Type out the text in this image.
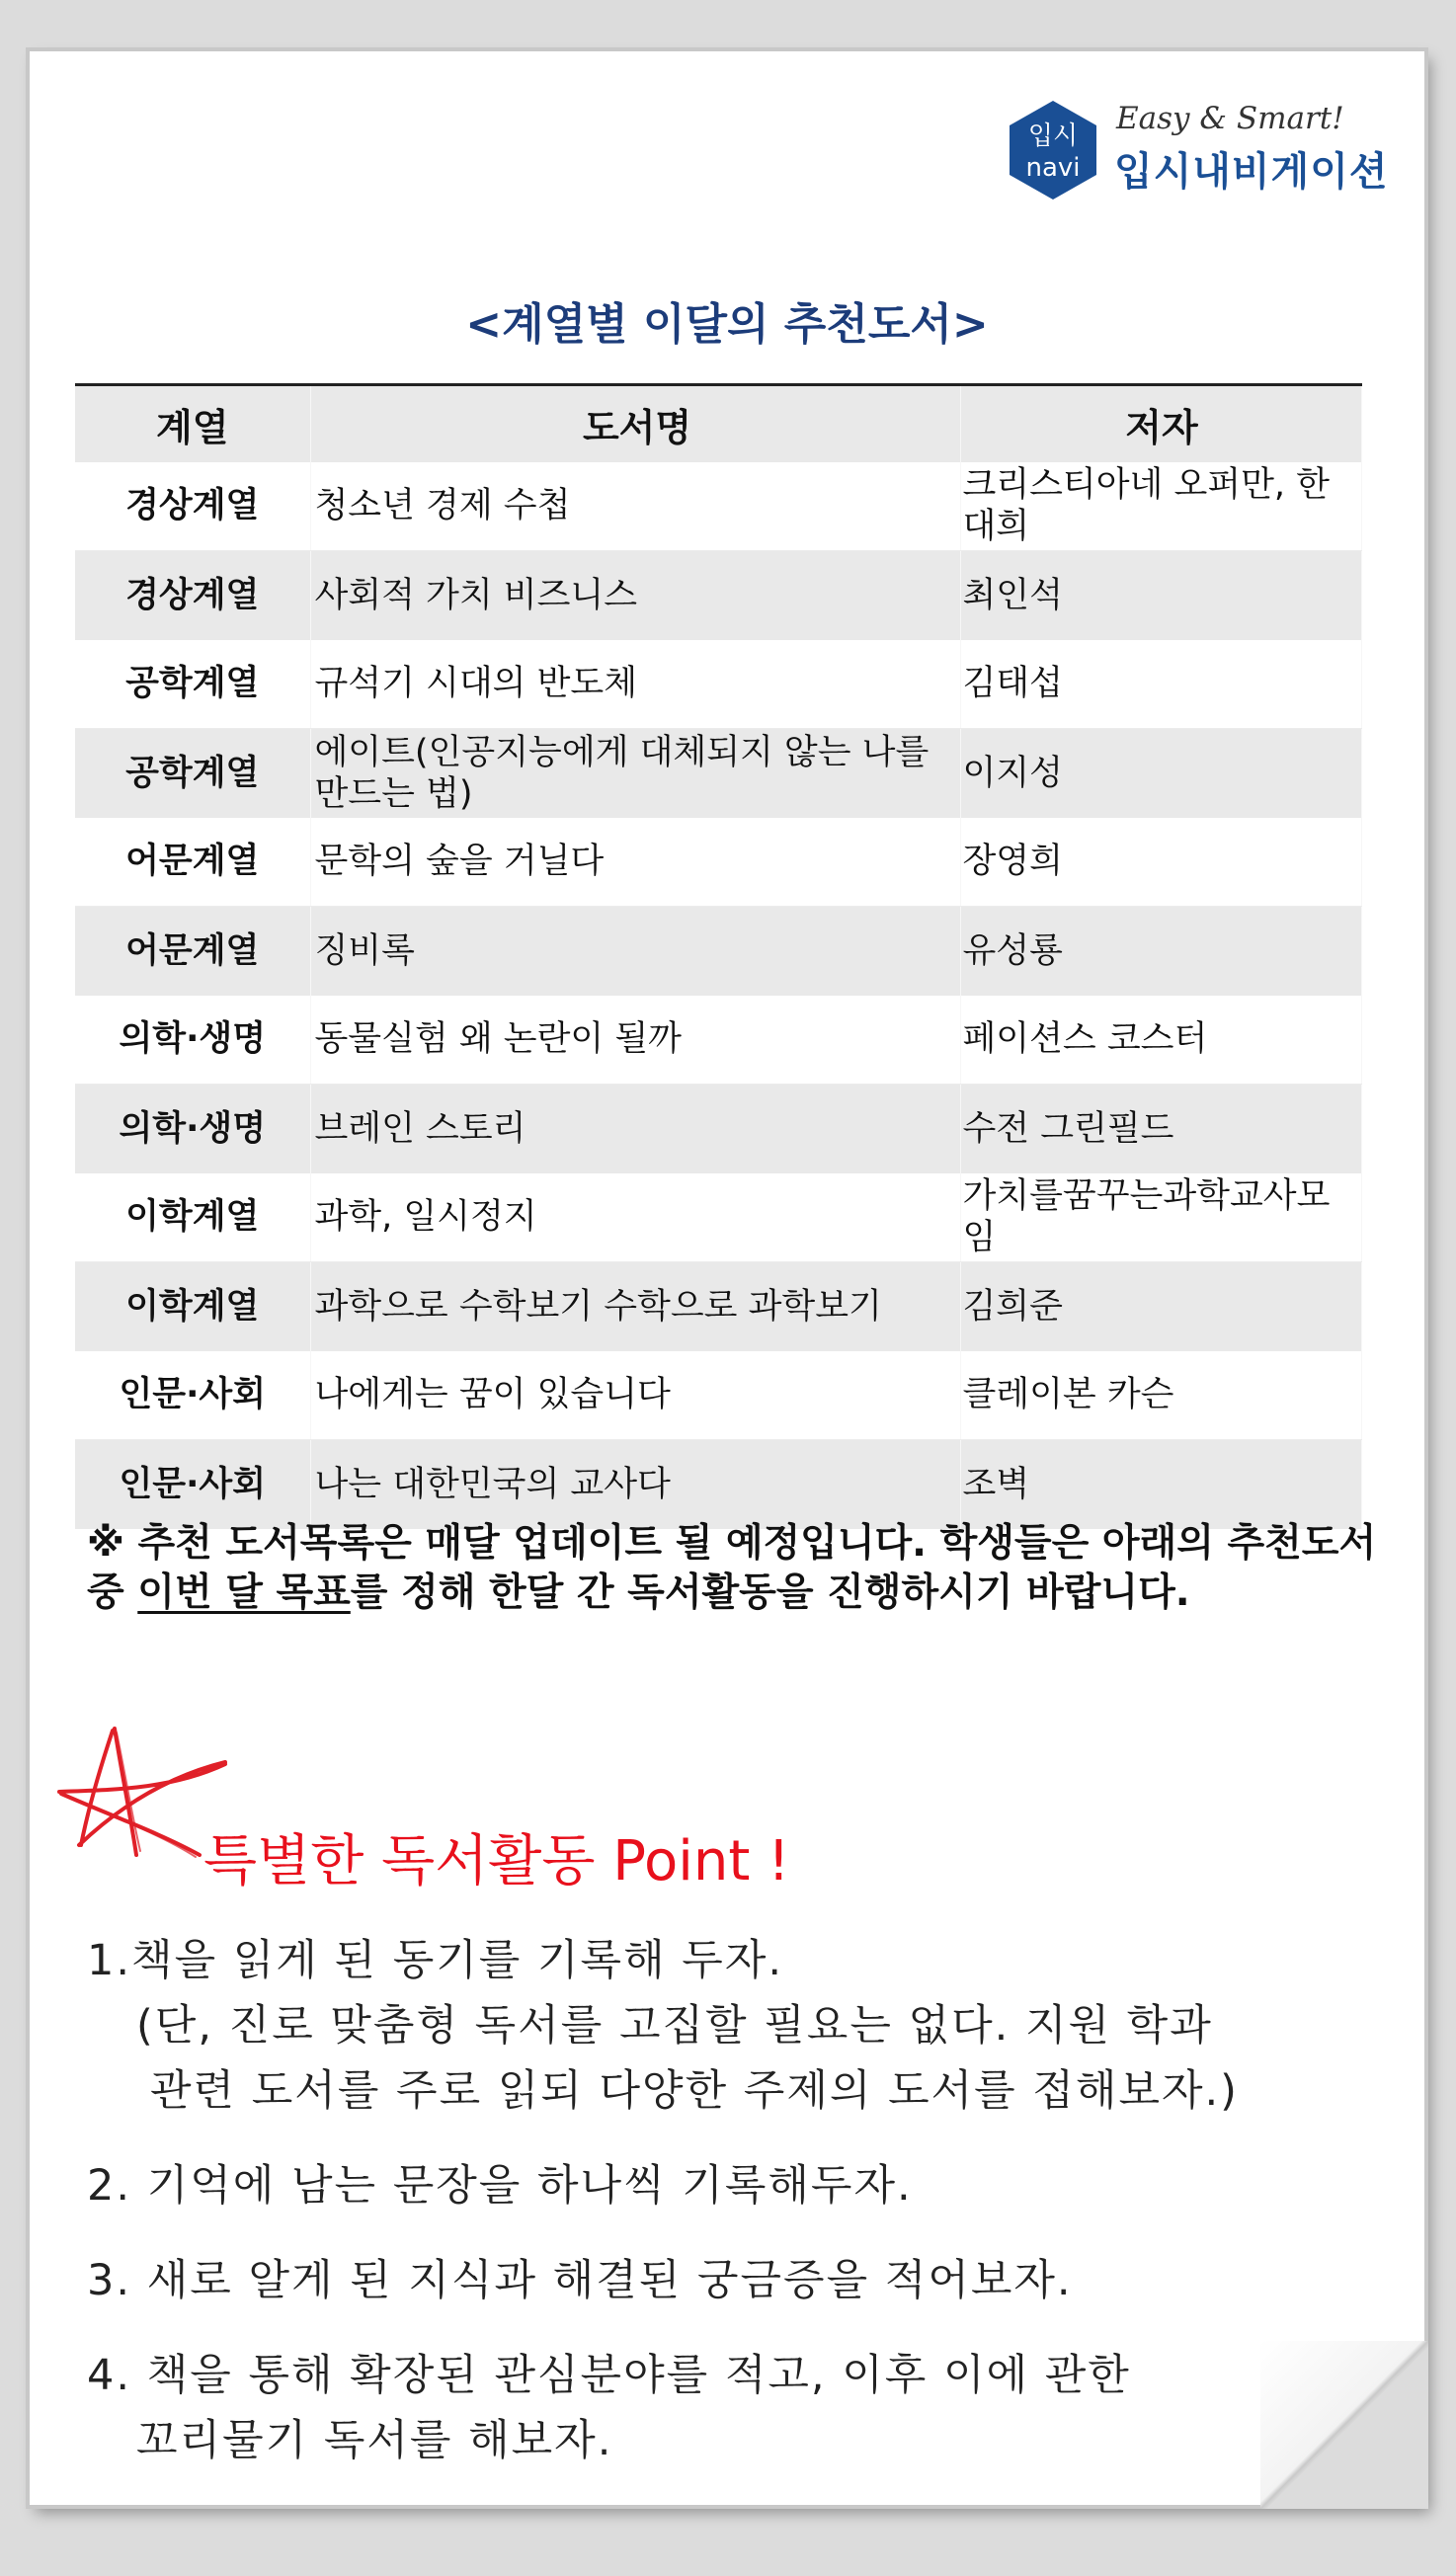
입시
navi
Easy & Smart!
입시내비게이션
<계열별 이달의 추천도서>
계열	도서명	저자
경상계열	청소년 경제 수첩	크리스티아네 오퍼만, 한대희
경상계열	사회적 가치 비즈니스	최인석
공학계열	규석기 시대의 반도체	김태섭
공학계열	에이트(인공지능에게 대체되지 않는 나를 만드는 법)	이지성
어문계열	문학의 숲을 거닐다	장영희
어문계열	징비록	유성룡
의학·생명	동물실험 왜 논란이 될까	페이션스 코스터
의학·생명	브레인 스토리	수전 그린필드
이학계열	과학, 일시정지	가치를꿈꾸는과학교사모임
이학계열	과학으로 수학보기 수학으로 과학보기	김희준
인문·사회	나에게는 꿈이 있습니다	클레이본 카슨
인문·사회	나는 대한민국의 교사다	조벽
※ 추천 도서목록은 매달 업데이트 될 예정입니다. 학생들은 아래의 추천도서 중 이번 달 목표를 정해 한달 간 독서활동을 진행하시기 바랍니다.
특별한 독서활동 Point !
1.책을 읽게 된 동기를 기록해 두자.
(단, 진로 맞춤형 독서를 고집할 필요는 없다. 지원 학과
관련 도서를 주로 읽되 다양한 주제의 도서를 접해보자.)
2. 기억에 남는 문장을 하나씩 기록해두자.
3. 새로 알게 된 지식과 해결된 궁금증을 적어보자.
4. 책을 통해 확장된 관심분야를 적고, 이후 이에 관한
꼬리물기 독서를 해보자.
